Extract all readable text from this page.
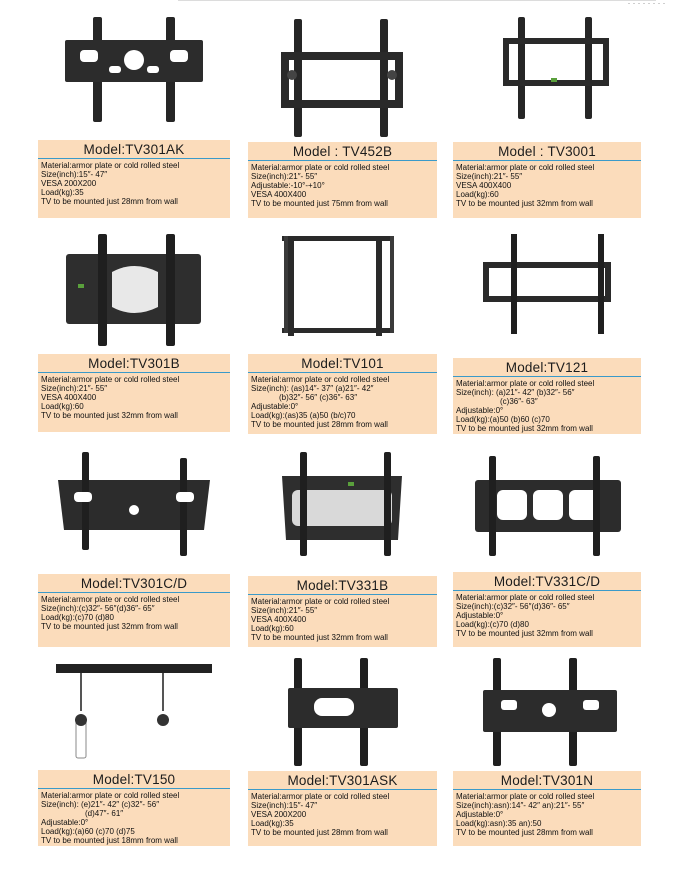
Model:TV301AK
Material:armor plate or cold rolled steel
Size(inch):15″- 47″
VESA 200X200
Load(kg):35
TV to be mounted just 28mm from wall
Model : TV452B
Material:armor plate or cold rolled steel
Size(inch):21″- 55″
Adjustable:-10°-+10°
VESA 400X400
TV to be mounted just 75mm from wall
Model : TV3001
Material:armor plate or cold rolled steel
Size(inch):21″- 55″
VESA 400X400
Load(kg):60
TV to be mounted just 32mm from wall
Model:TV301B
Material:armor plate or cold rolled steel
Size(inch):21″- 55″
VESA 400X400
Load(kg):60
TV to be mounted just 32mm from wall
Model:TV101
Material:armor plate or cold rolled steel
Size(inch): (as)14″- 37″ (a)21″- 42″
(b)32″- 56″ (c)36″- 63″
Adjustable:0°
Load(kg):(as)35 (a)50 (b/c)70
TV to be mounted just 28mm from wall
Model:TV121
Material:armor plate or cold rolled steel
Size(inch): (a)21″- 42″ (b)32″- 56″
(c)36″- 63″
Adjustable:0°
Load(kg):(a)50 (b)60 (c)70
TV to be mounted just 32mm from wall
Model:TV301C/D
Material:armor plate or cold rolled steel
Size(inch):(c)32″- 56″(d)36″- 65″
Load(kg):(c)70 (d)80
TV to be mounted just 32mm from wall
Model:TV331B
Material:armor plate or cold rolled steel
Size(inch):21″- 55″
VESA 400X400
Load(kg):60
TV to be mounted just 32mm from wall
Model:TV331C/D
Material:armor plate or cold rolled steel
Size(inch):(c)32″- 56″(d)36″- 65″
Adjustable:0°
Load(kg):(c)70 (d)80
TV to be mounted just 32mm from wall
Model:TV150
Material:armor plate or cold rolled steel
Size(inch): (e)21″- 42″ (c)32″- 56″
(d)47″- 61″
Adjustable:0°
Load(kg):(a)60 (c)70 (d)75
TV to be mounted just 18mm from wall
Model:TV301ASK
Material:armor plate or cold rolled steel
Size(inch):15″- 47″
VESA 200X200
Load(kg):35
TV to be mounted just 28mm from wall
Model:TV301N
Material:armor plate or cold rolled steel
Size(inch):asn):14″- 42″ an):21″- 55″
Adjustable:0°
Load(kg):asn):35 an):50
TV to be mounted just 28mm from wall
